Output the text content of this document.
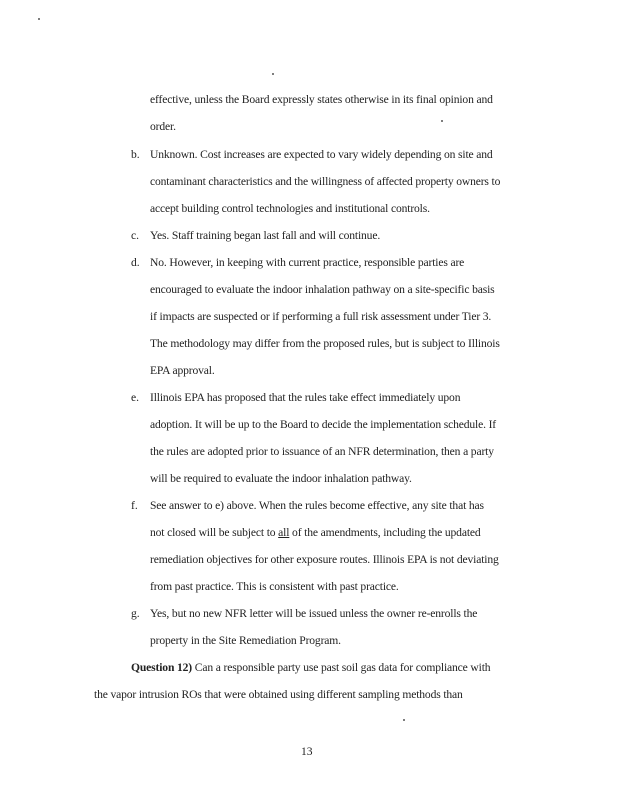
effective, unless the Board expressly states otherwise in its final opinion and
order.
b. Unknown. Cost increases are expected to vary widely depending on site and
contaminant characteristics and the willingness of affected property owners to
accept building control technologies and institutional controls.
c. Yes. Staff training began last fall and will continue.
d. No. However, in keeping with current practice, responsible parties are
encouraged to evaluate the indoor inhalation pathway on a site-specific basis
if impacts are suspected or if performing a full risk assessment under Tier 3.
The methodology may differ from the proposed rules, but is subject to Illinois
EPA approval.
e. Illinois EPA has proposed that the rules take effect immediately upon
adoption. It will be up to the Board to decide the implementation schedule. If
the rules are adopted prior to issuance of an NFR determination, then a party
will be required to evaluate the indoor inhalation pathway.
f. See answer to e) above. When the rules become effective, any site that has
not closed will be subject to all of the amendments, including the updated
remediation objectives for other exposure routes. Illinois EPA is not deviating
from past practice. This is consistent with past practice.
g. Yes, but no new NFR letter will be issued unless the owner re-enrolls the
property in the Site Remediation Program.
Question 12) Can a responsible party use past soil gas data for compliance with
the vapor intrusion ROs that were obtained using different sampling methods than
13
